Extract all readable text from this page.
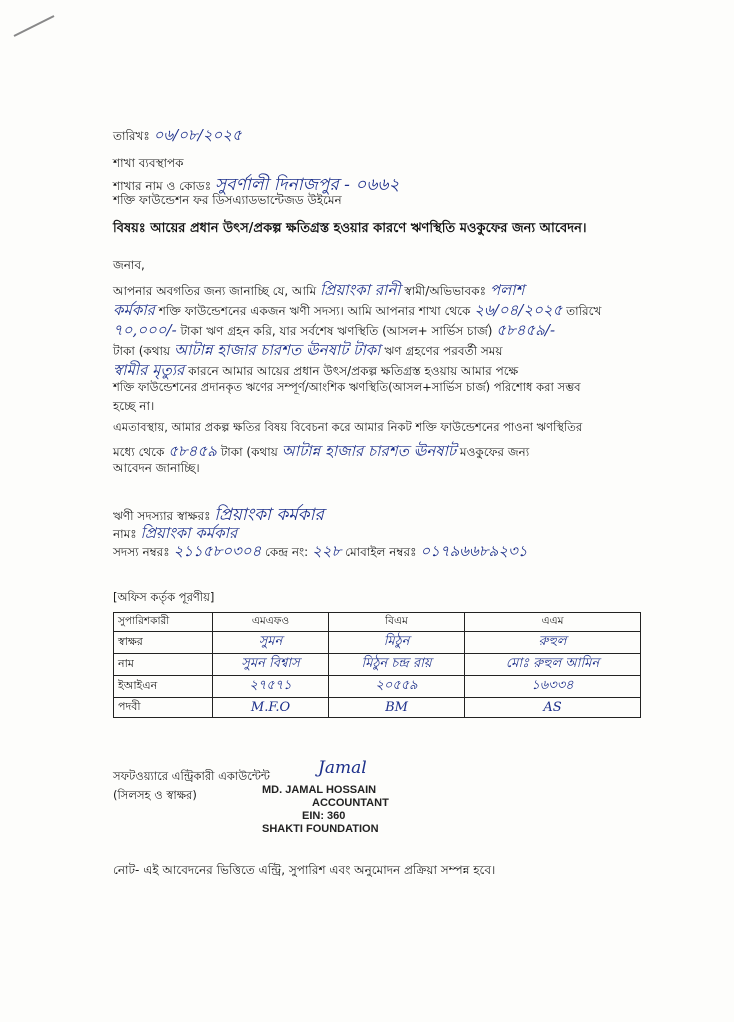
তারিখঃ ০৬/০৮/২০২৫
শাখা ব্যবস্থাপক
শাখার নাম ও কোডঃ সুবর্ণালী দিনাজপুর - ০৬৬২
শক্তি ফাউন্ডেশন ফর ডিসএ্যাডভান্টেজড উইমেন
বিষয়ঃ আয়ের প্রধান উৎস/প্রকল্প ক্ষতিগ্রস্ত হওয়ার কারণে ঋণস্থিতি মওকুফের জন্য আবেদন।
জনাব,
আপনার অবগতির জন্য জানাচ্ছি যে, আমি প্রিয়াংকা রানী স্বামী/অভিভাবকঃ পলাশ
কর্মকার শক্তি ফাউন্ডেশনের একজন ঋণী সদস্য। আমি আপনার শাখা থেকে ২৬/০৪/২০২৫ তারিখে
৭০,০০০/- টাকা ঋণ গ্রহন করি, যার সর্বশেষ ঋণস্থিতি (আসল+ সার্ভিস চার্জ) ৫৮৪৫৯/-
টাকা (কথায় আটান্ন হাজার চারশত ঊনষাট টাকা ঋণ গ্রহণের পরবর্তী সময়
স্বামীর মৃত্যুর কারনে আমার আয়ের প্রধান উৎস/প্রকল্প ক্ষতিগ্রস্ত হওয়ায় আমার পক্ষে
শক্তি ফাউন্ডেশনের প্রদানকৃত ঋণের সম্পূর্ণ/আংশিক ঋণস্থিতি(আসল+সার্ভিস চার্জ) পরিশোধ করা সম্ভব
হচ্ছে না।
এমতাবস্থায়, আমার প্রকল্প ক্ষতির বিষয় বিবেচনা করে আমার নিকট শক্তি ফাউন্ডেশনের পাওনা ঋণস্থিতির
মধ্যে থেকে ৫৮৪৫৯ টাকা (কথায় আটান্ন হাজার চারশত ঊনষাট মওকুফের জন্য
আবেদন জানাচ্ছি।
ঋণী সদস্যার স্বাক্ষরঃ প্রিয়াংকা কর্মকার
নামঃ প্রিয়াংকা কর্মকার
সদস্য নম্বরঃ ২১১৫৮০৩০৪ কেন্দ্র নং: ২২৮ মোবাইল নম্বরঃ ০১৭৯৬৬৮৯২৩১
[অফিস কর্তৃক পূরণীয়]
সুপারিশকারী	এমএফও	বিএম	এএম
স্বাক্ষর	সুমন	মিঠুন	রুহুল
নাম	সুমন বিশ্বাস	মিঠুন চন্দ্র রায়	মোঃ রুহুল আমিন
ইআইএন	২৭৫৭১	২০৫৫৯	১৬৩৩৪
পদবী	M.F.O	BM	AS
সফটওয়্যারে এন্ট্রিকারী একাউন্টেন্ট
(সিলসহ ও স্বাক্ষর)
Jamal
MD. JAMAL HOSSAIN
ACCOUNTANT
EIN: 360
SHAKTI FOUNDATION
নোট- এই আবেদনের ভিত্তিতে এন্ট্রি, সুপারিশ এবং অনুমোদন প্রক্রিয়া সম্পন্ন হবে।
